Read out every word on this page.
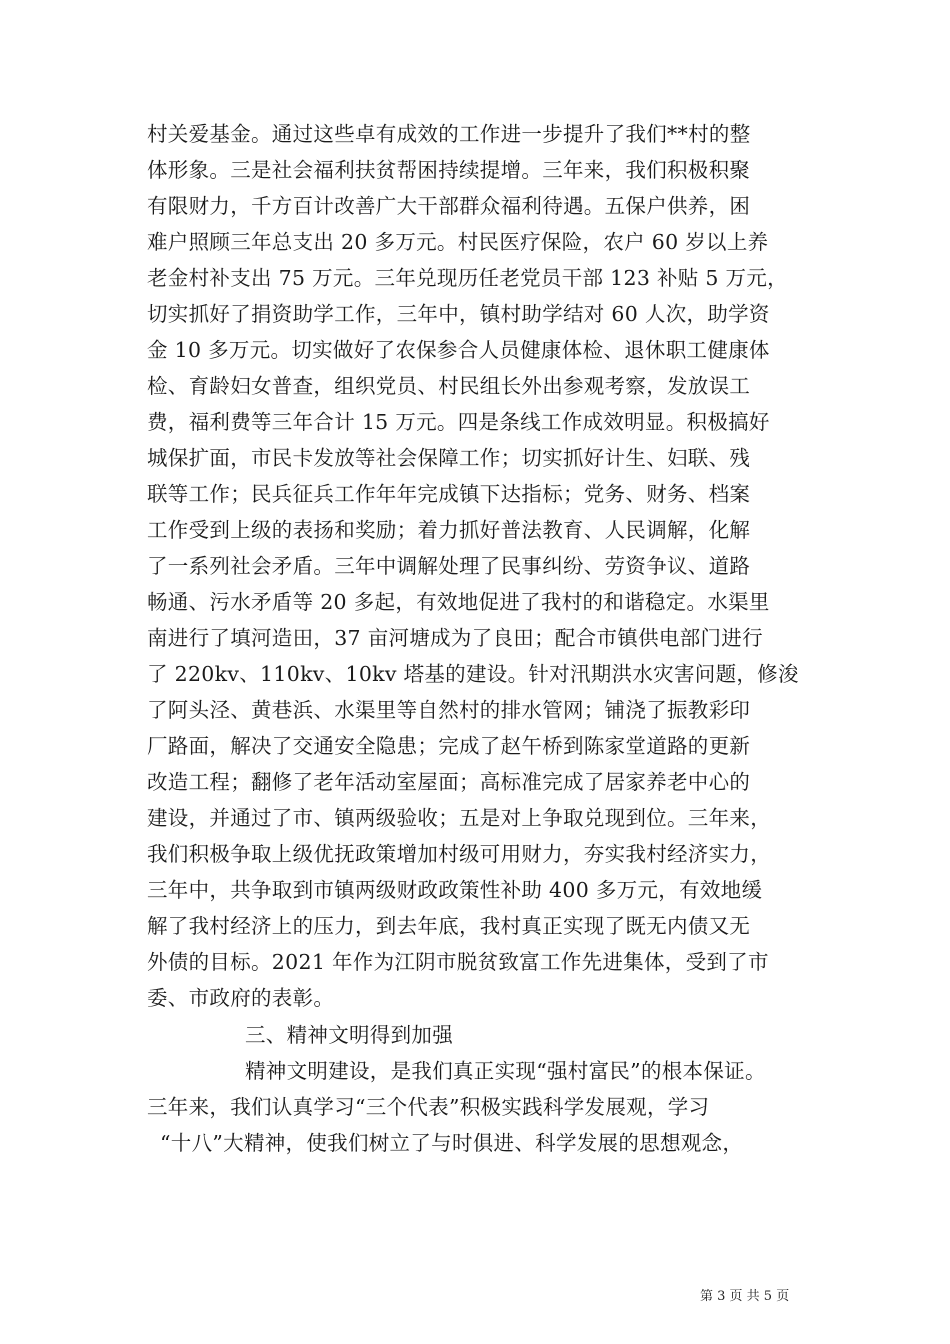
村关爱基金。通过这些卓有成效的工作进一步提升了我们**村的整
体形象。三是社会福利扶贫帮困持续提增。三年来，我们积极积聚
有限财力，千方百计改善广大干部群众福利待遇。五保户供养，困
难户照顾三年总支出 20 多万元。村民医疗保险，农户 60 岁以上养
老金村补支出 75 万元。三年兑现历任老党员干部 123 补贴 5 万元，
切实抓好了捐资助学工作，三年中，镇村助学结对 60 人次，助学资
金 10 多万元。切实做好了农保参合人员健康体检、退休职工健康体
检、育龄妇女普查，组织党员、村民组长外出参观考察，发放误工
费，福利费等三年合计 15 万元。四是条线工作成效明显。积极搞好
城保扩面，市民卡发放等社会保障工作；切实抓好计生、妇联、残
联等工作；民兵征兵工作年年完成镇下达指标；党务、财务、档案
工作受到上级的表扬和奖励；着力抓好普法教育、人民调解，化解
了一系列社会矛盾。三年中调解处理了民事纠纷、劳资争议、道路
畅通、污水矛盾等 20 多起，有效地促进了我村的和谐稳定。水渠里
南进行了填河造田，37 亩河塘成为了良田；配合市镇供电部门进行
了 220kv、110kv、10kv 塔基的建设。针对汛期洪水灾害问题，修浚
了阿头泾、黄巷浜、水渠里等自然村的排水管网；铺浇了振教彩印
厂路面，解决了交通安全隐患；完成了赵午桥到陈家堂道路的更新
改造工程；翻修了老年活动室屋面；高标准完成了居家养老中心的
建设，并通过了市、镇两级验收；五是对上争取兑现到位。三年来，
我们积极争取上级优抚政策增加村级可用财力，夯实我村经济实力，
三年中，共争取到市镇两级财政政策性补助 400 多万元，有效地缓
解了我村经济上的压力，到去年底，我村真正实现了既无内债又无
外债的目标。2021 年作为江阴市脱贫致富工作先进集体，受到了市
委、市政府的表彰。
三、精神文明得到加强
精神文明建设，是我们真正实现“强村富民”的根本保证。
三年来，我们认真学习“三个代表”积极实践科学发展观，学习
“十八”大精神，使我们树立了与时俱进、科学发展的思想观念，
第 3 页 共 5 页
